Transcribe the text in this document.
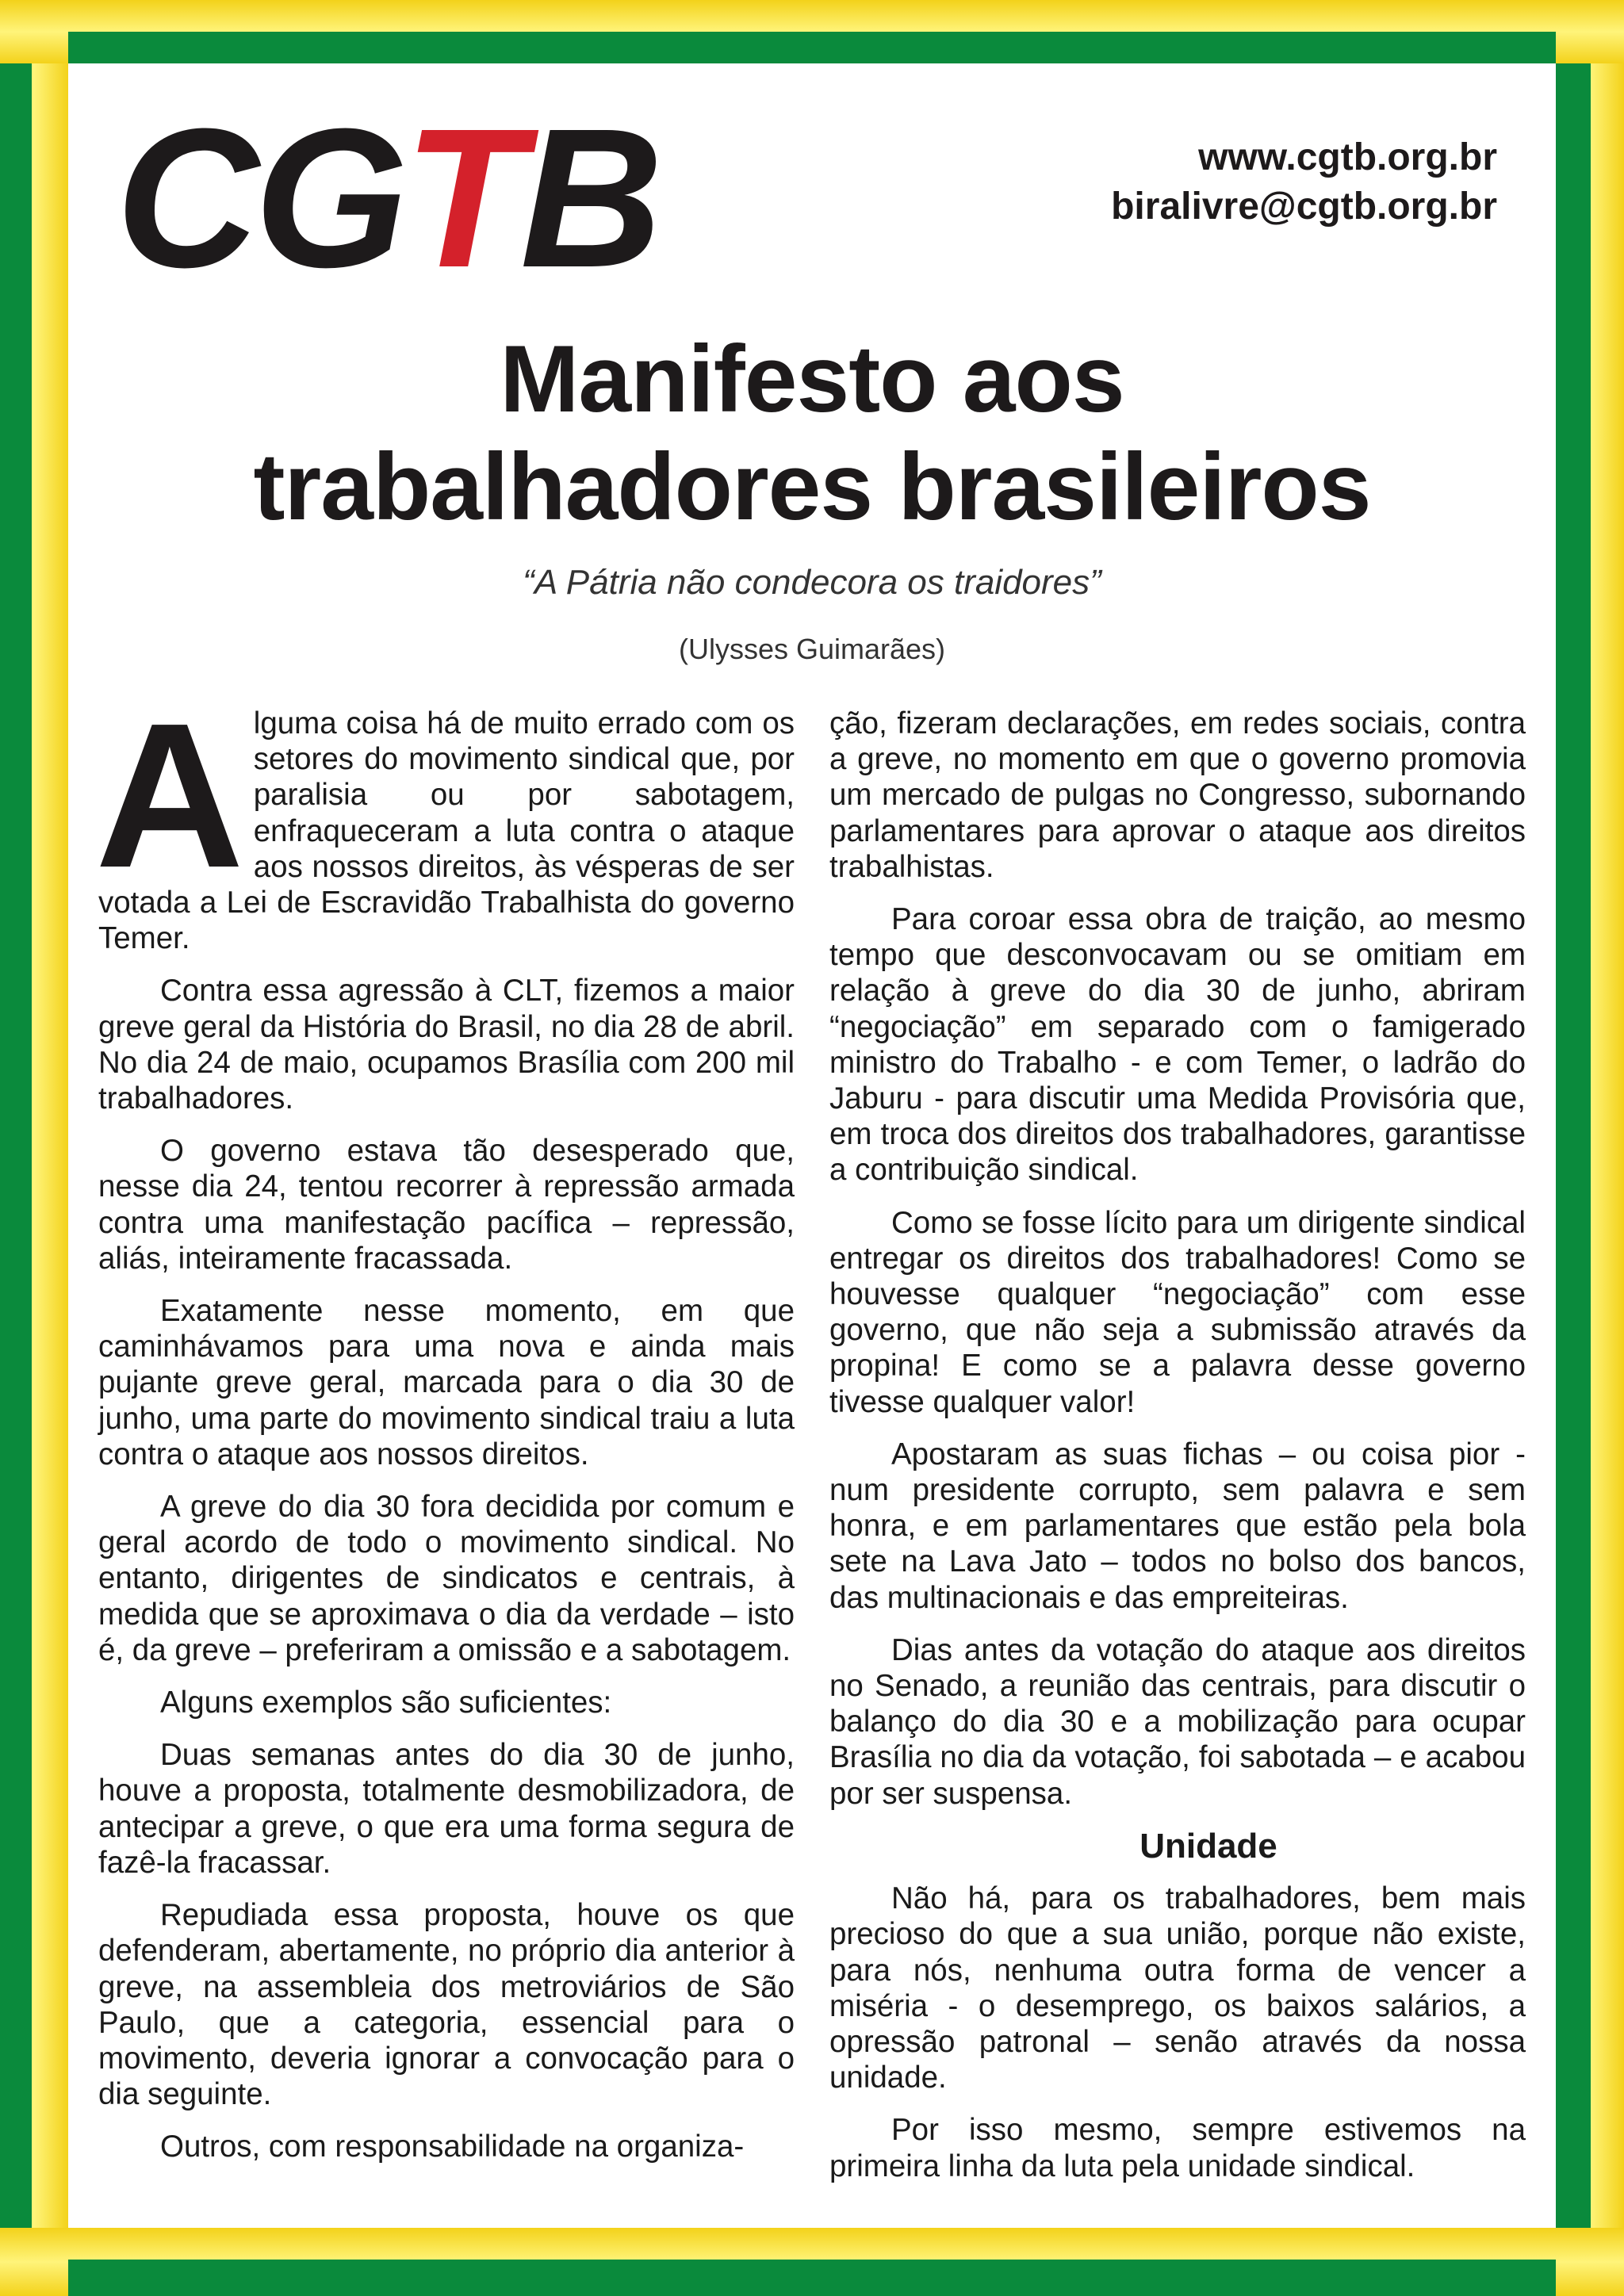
CGTB	www.cgtb.org.br
biralivre@cgtb.org.br
Manifesto aos
trabalhadores brasileiros
“A Pátria não condecora os traidores”
(Ulysses Guimarães)

Alguma coisa há de muito errado com os setores do movimento sindical que, por paralisia ou por sabotagem, enfraqueceram a luta contra o ataque aos nossos direitos, às vésperas de ser votada a Lei de Escravidão Trabalhista do governo Temer.

Contra essa agressão à CLT, fizemos a maior greve geral da História do Brasil, no dia 28 de abril. No dia 24 de maio, ocupamos Brasília com 200 mil trabalhadores.

O governo estava tão desesperado que, nesse dia 24, tentou recorrer à repressão armada contra uma manifestação pacífica – repressão, aliás, inteiramente fracassada.

Exatamente nesse momento, em que caminhávamos para uma nova e ainda mais pujante greve geral, marcada para o dia 30 de junho, uma parte do movimento sindical traiu a luta contra o ataque aos nossos direitos.

A greve do dia 30 fora decidida por comum e geral acordo de todo o movimento sindical. No entanto, dirigentes de sindicatos e centrais, à medida que se aproximava o dia da verdade – isto é, da greve – preferiram a omissão e a sabotagem.

Alguns exemplos são suficientes:

Duas semanas antes do dia 30 de junho, houve a proposta, totalmente desmobilizadora, de antecipar a greve, o que era uma forma segura de fazê-la fracassar.

Repudiada essa proposta, houve os que defenderam, abertamente, no próprio dia anterior à greve, na assembleia dos metroviários de São Paulo, que a categoria, essencial para o movimento, deveria ignorar a convocação para o dia seguinte.

Outros, com responsabilidade na organiza-

ção, fizeram declarações, em redes sociais, contra a greve, no momento em que o governo promovia um mercado de pulgas no Congresso, subornando parlamentares para aprovar o ataque aos direitos trabalhistas.

Para coroar essa obra de traição, ao mesmo tempo que desconvocavam ou se omitiam em relação à greve do dia 30 de junho, abriram “negociação” em separado com o famigerado ministro do Trabalho - e com Temer, o ladrão do Jaburu - para discutir uma Medida Provisória que, em troca dos direitos dos trabalhadores, garantisse a contribuição sindical.

Como se fosse lícito para um dirigente sindical entregar os direitos dos trabalhadores! Como se houvesse qualquer “negociação” com esse governo, que não seja a submissão através da propina! E como se a palavra desse governo tivesse qualquer valor!

Apostaram as suas fichas – ou coisa pior - num presidente corrupto, sem palavra e sem honra, e em parlamentares que estão pela bola sete na Lava Jato – todos no bolso dos bancos, das multinacionais e das empreiteiras.

Dias antes da votação do ataque aos direitos no Senado, a reunião das centrais, para discutir o balanço do dia 30 e a mobilização para ocupar Brasília no dia da votação, foi sabotada – e acabou por ser suspensa.

Unidade

Não há, para os trabalhadores, bem mais precioso do que a sua união, porque não existe, para nós, nenhuma outra forma de vencer a miséria - o desemprego, os baixos salários, a opressão patronal – senão através da nossa unidade.

Por isso mesmo, sempre estivemos na primeira linha da luta pela unidade sindical.
